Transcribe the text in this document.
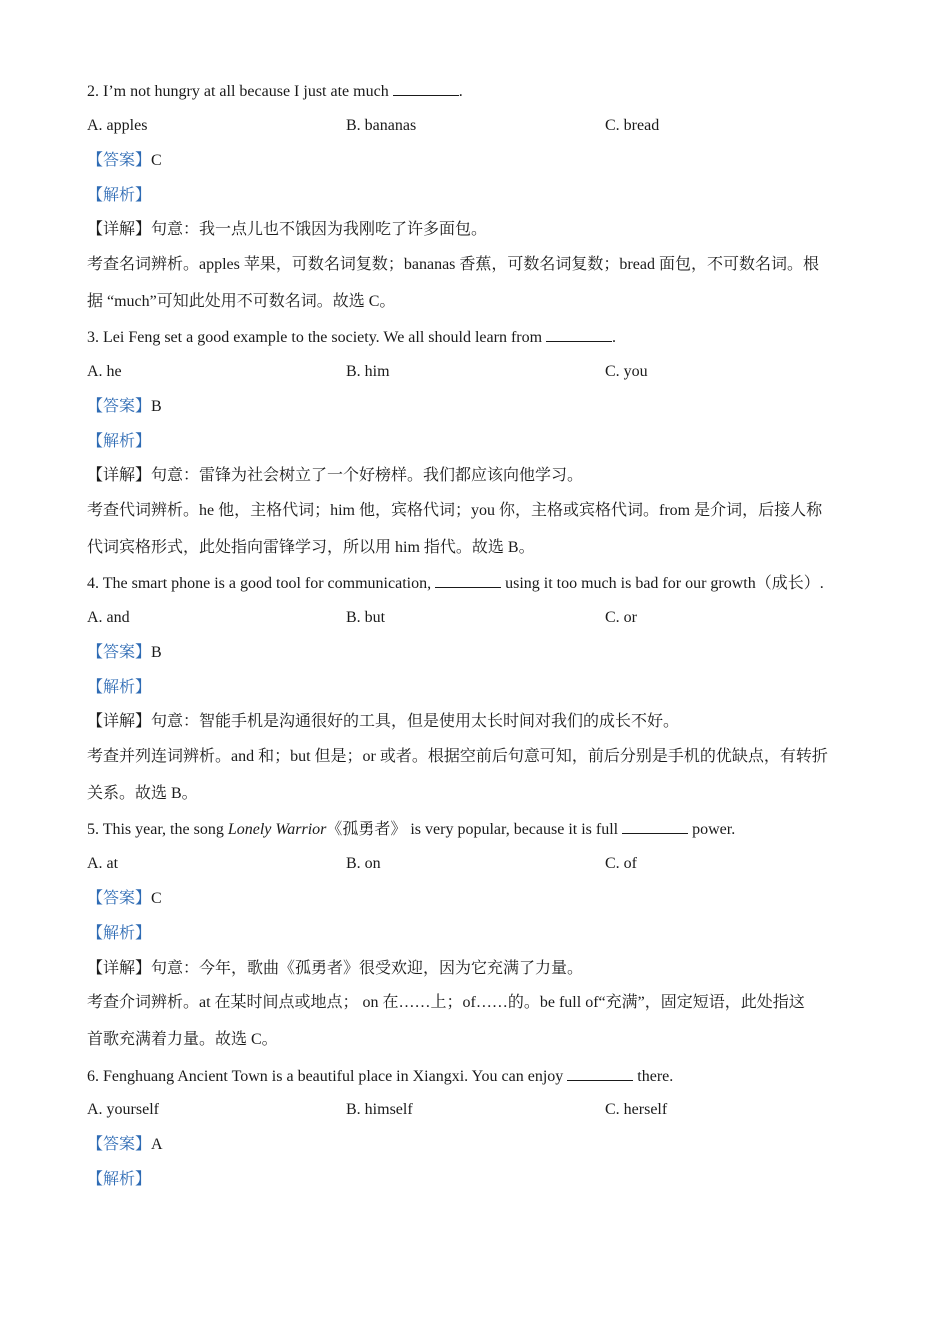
2. I’m not hungry at all because I just ate much	.
A. apples	B. bananas	C. bread
【答案】C
【解析】
【详解】句意：我一点儿也不饿因为我刚吃了许多面包。
考查名词辨析。apples 苹果，可数名词复数；bananas 香蕉，可数名词复数；bread 面包，不可数名词。根
据 “much”可知此处用不可数名词。故选 C。
3. Lei Feng set a good example to the society. We all should learn from	.
A. he	B. him	C. you
【答案】B
【解析】
【详解】句意：雷锋为社会树立了一个好榜样。我们都应该向他学习。
考查代词辨析。he 他，主格代词；him 他，宾格代词；you 你，主格或宾格代词。from 是介词，后接人称
代词宾格形式，此处指向雷锋学习，所以用 him 指代。故选 B。
4. The smart phone is a good tool for communication,	using it too much is bad for our growth（成长）.
A. and	B. but	C. or
【答案】B
【解析】
【详解】句意：智能手机是沟通很好的工具，但是使用太长时间对我们的成长不好。
考查并列连词辨析。and 和；but 但是；or 或者。根据空前后句意可知，前后分别是手机的优缺点，有转折
关系。故选 B。
5. This year, the song Lonely Warrior《孤勇者》 is very popular, because it is full	power.
A. at	B. on	C. of
【答案】C
【解析】
【详解】句意：今年，歌曲《孤勇者》很受欢迎，因为它充满了力量。
考查介词辨析。at 在某时间点或地点； on 在……上；of……的。be full of“充满”，固定短语，此处指这
首歌充满着力量。故选 C。
6. Fenghuang Ancient Town is a beautiful place in Xiangxi. You can enjoy	there.
A. yourself	B. himself	C. herself
【答案】A
【解析】
